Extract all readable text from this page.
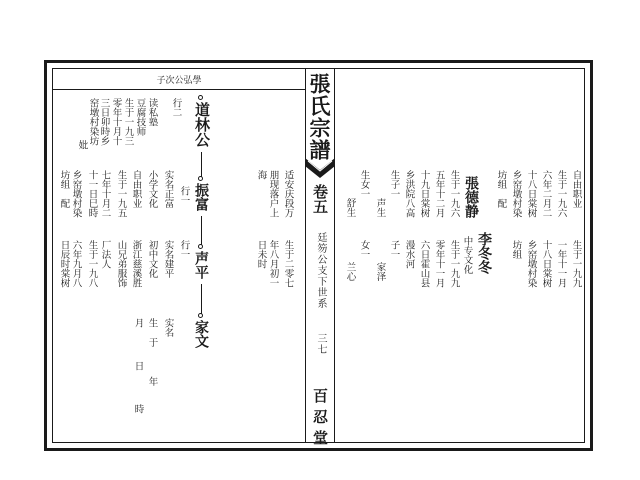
張氏宗譜
卷五
廷笏公支下世系
三七
百忍堂
子次公弘學
妣 窑墩村染坊 三日卯時乡 零年十月十 生于一九三 豆腐技师 读私塾 行二 道林公
振富
声平
家文
坊组　配 乡窑墩村染 十一日巳時 七年十月二 生于一九五 自由职业 小学文化 实名正富 行一
日辰时棠树 六年九月八 生于一九八 厂法人 山兄弟服饰 浙江慈溪胜 初中文化 实名建平 行一
月　日　時 生于　年 实名
海 朋现落户上
日未时 年八月初一
适安庆段万
生于二零七
自由职业
生于一九九
生于一九六
一年十一月
六年二月二
十八日棠树
十八日棠树
乡窑墩村染
乡窑墩村染
坊组
坊组　配
李冬冬
張德静
生于一九六
生于一九九
五年十二月
零年十一月
十九日棠树
六日霍山县
乡洪院八高
漫水河	中专文化
生子一
声生
子一
家泽
生女一
舒生
女一
兰心
